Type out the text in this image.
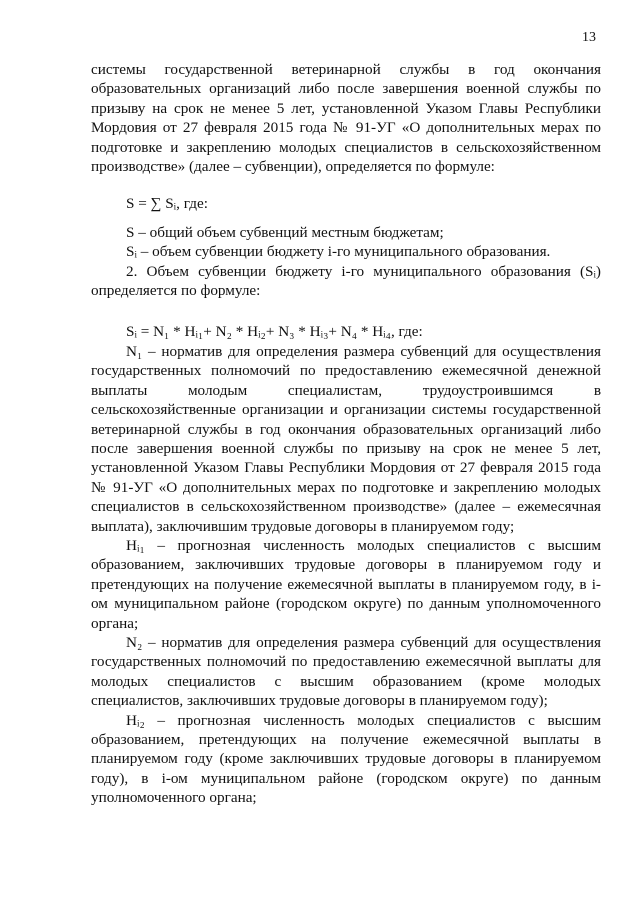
13

системы государственной ветеринарной службы в год окончания образовательных организаций либо после завершения военной службы по призыву на срок не менее 5 лет, установленной Указом Главы Республики Мордовия от 27 февраля 2015 года № 91-УГ «О дополнительных мерах по подготовке и закреплению молодых специалистов в сельскохозяйственном производстве» (далее – субвенции), определяется по формуле:

S = ∑ Sᵢ, где:

S – общий объем субвенций местным бюджетам;

Sᵢ – объем субвенции бюджету i-го муниципального образования.

2. Объем субвенции бюджету i-го муниципального образования (Sᵢ) определяется по формуле:

Sᵢ = N₁ * Hᵢ₁+ N₂ * Hᵢ₂+ N₃ * Hᵢ₃+ N₄ * Hᵢ₄, где:

N₁ – норматив для определения размера субвенций для осуществления государственных полномочий по предоставлению ежемесячной денежной выплаты молодым специалистам, трудоустроившимся в сельскохозяйственные организации и организации системы государственной ветеринарной службы в год окончания образовательных организаций либо после завершения военной службы по призыву на срок не менее 5 лет, установленной Указом Главы Республики Мордовия от 27 февраля 2015 года № 91-УГ «О дополнительных мерах по подготовке и закреплению молодых специалистов в сельскохозяйственном производстве» (далее – ежемесячная выплата), заключившим трудовые договоры в планируемом году;

Hᵢ₁ – прогнозная численность молодых специалистов с высшим образованием, заключивших трудовые договоры в планируемом году и претендующих на получение ежемесячной выплаты в планируемом году, в i-ом муниципальном районе (городском округе) по данным уполномоченного органа;

N₂ – норматив для определения размера субвенций для осуществления государственных полномочий по предоставлению ежемесячной выплаты для молодых специалистов с высшим образованием (кроме молодых специалистов, заключивших трудовые договоры в планируемом году);

Hᵢ₂ – прогнозная численность молодых специалистов с высшим образованием, претендующих на получение ежемесячной выплаты в планируемом году (кроме заключивших трудовые договоры в планируемом году), в i-ом муниципальном районе (городском округе) по данным уполномоченного органа;
